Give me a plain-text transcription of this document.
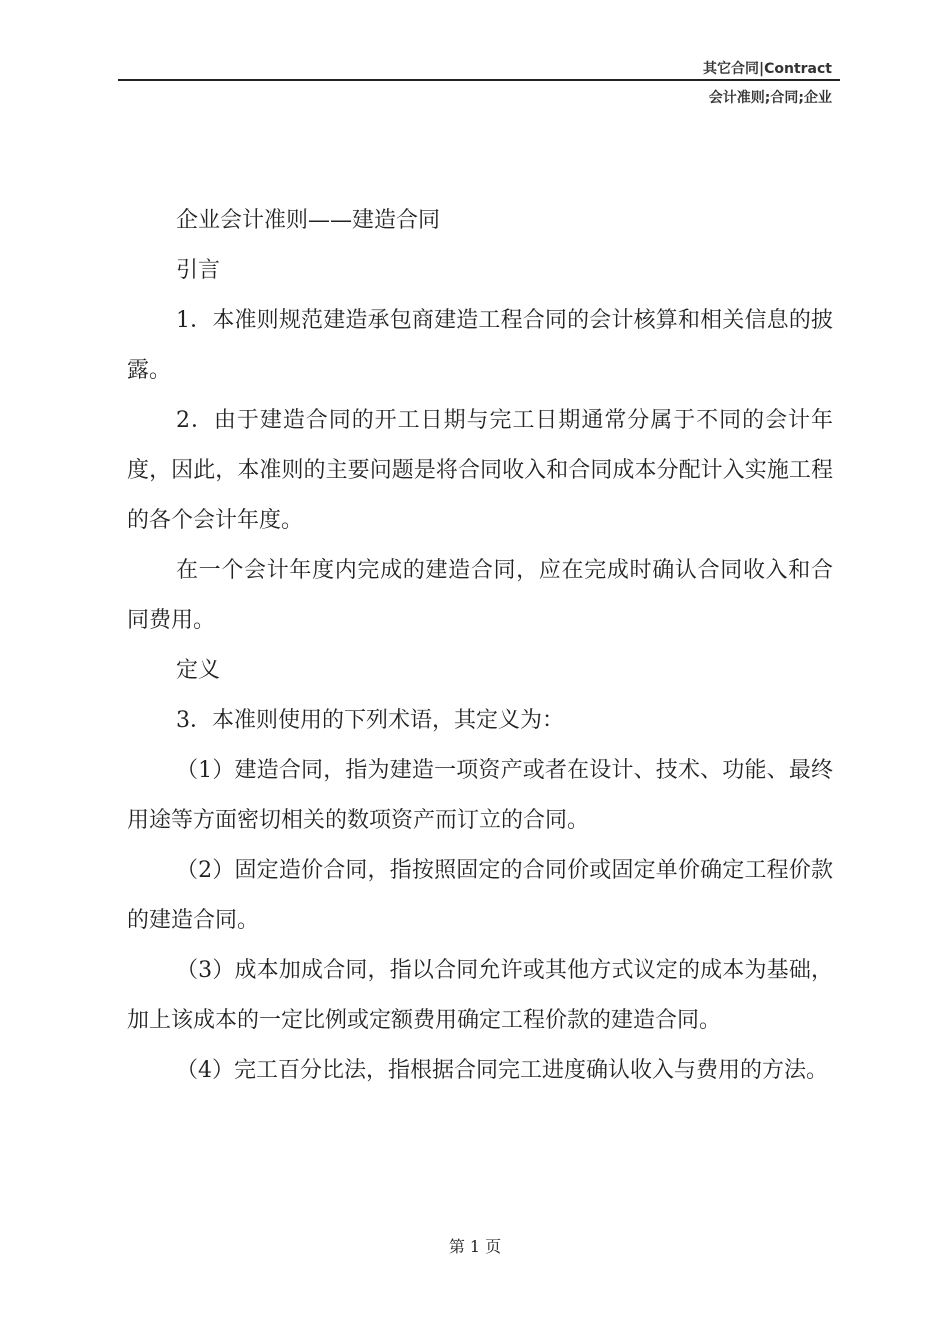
其它合同|Contract
会计准则;合同;企业

企业会计准则——建造合同

引言

1．本准则规范建造承包商建造工程合同的会计核算和相关信息的披露。

2．由于建造合同的开工日期与完工日期通常分属于不同的会计年度，因此，本准则的主要问题是将合同收入和合同成本分配计入实施工程的各个会计年度。

在一个会计年度内完成的建造合同，应在完成时确认合同收入和合同费用。

定义

3．本准则使用的下列术语，其定义为：

（1）建造合同，指为建造一项资产或者在设计、技术、功能、最终用途等方面密切相关的数项资产而订立的合同。

（2）固定造价合同，指按照固定的合同价或固定单价确定工程价款的建造合同。

（3）成本加成合同，指以合同允许或其他方式议定的成本为基础，加上该成本的一定比例或定额费用确定工程价款的建造合同。

（4）完工百分比法，指根据合同完工进度确认收入与费用的方法。

第 1 页
